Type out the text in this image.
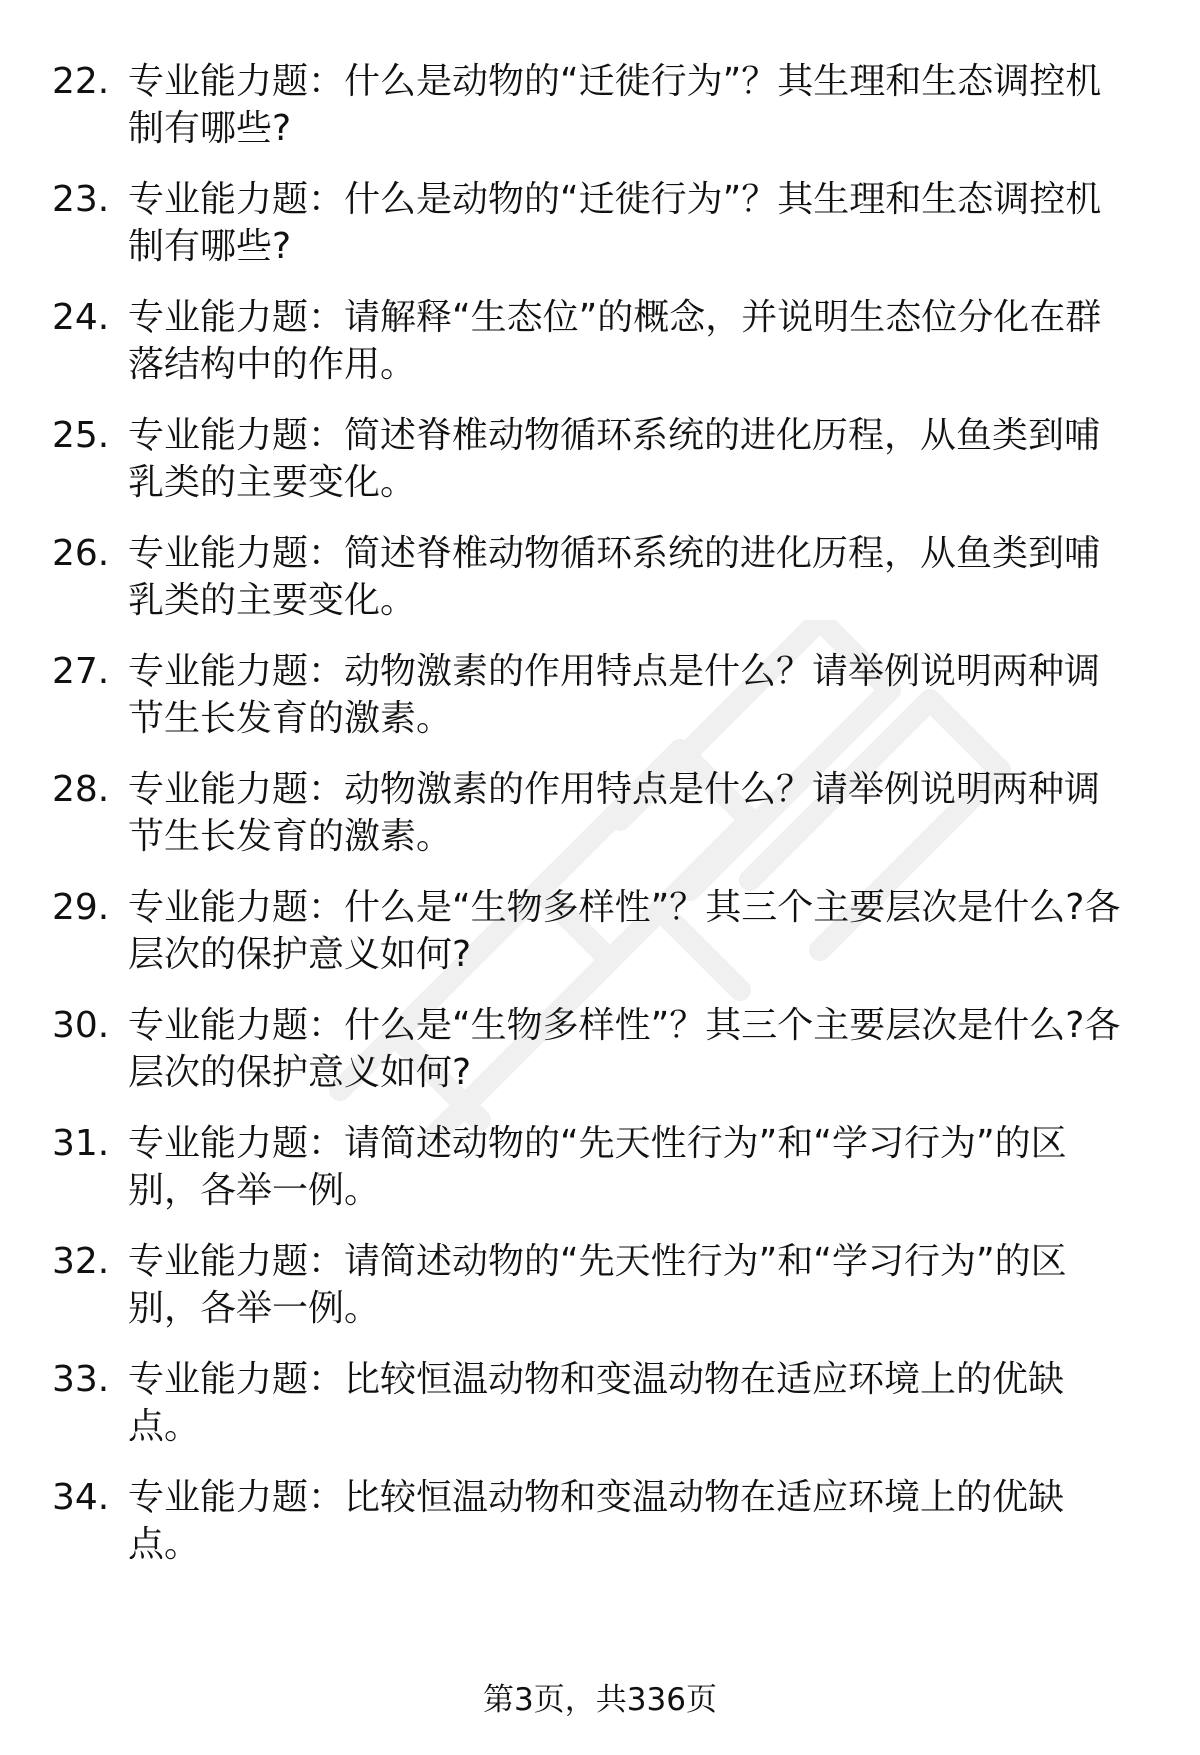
22. 专业能力题：什么是动物的“迁徙行为”？其生理和生态调控机制有哪些?
23. 专业能力题：什么是动物的“迁徙行为”？其生理和生态调控机制有哪些?
24. 专业能力题：请解释“生态位”的概念，并说明生态位分化在群落结构中的作用。
25. 专业能力题：简述脊椎动物循环系统的进化历程，从鱼类到哺乳类的主要变化。
26. 专业能力题：简述脊椎动物循环系统的进化历程，从鱼类到哺乳类的主要变化。
27. 专业能力题：动物激素的作用特点是什么？请举例说明两种调节生长发育的激素。
28. 专业能力题：动物激素的作用特点是什么？请举例说明两种调节生长发育的激素。
29. 专业能力题：什么是“生物多样性”？其三个主要层次是什么?各层次的保护意义如何?
30. 专业能力题：什么是“生物多样性”？其三个主要层次是什么?各层次的保护意义如何?
31. 专业能力题：请简述动物的“先天性行为”和“学习行为”的区别，各举一例。
32. 专业能力题：请简述动物的“先天性行为”和“学习行为”的区别，各举一例。
33. 专业能力题：比较恒温动物和变温动物在适应环境上的优缺点。
34. 专业能力题：比较恒温动物和变温动物在适应环境上的优缺点。
第3页，共336页
